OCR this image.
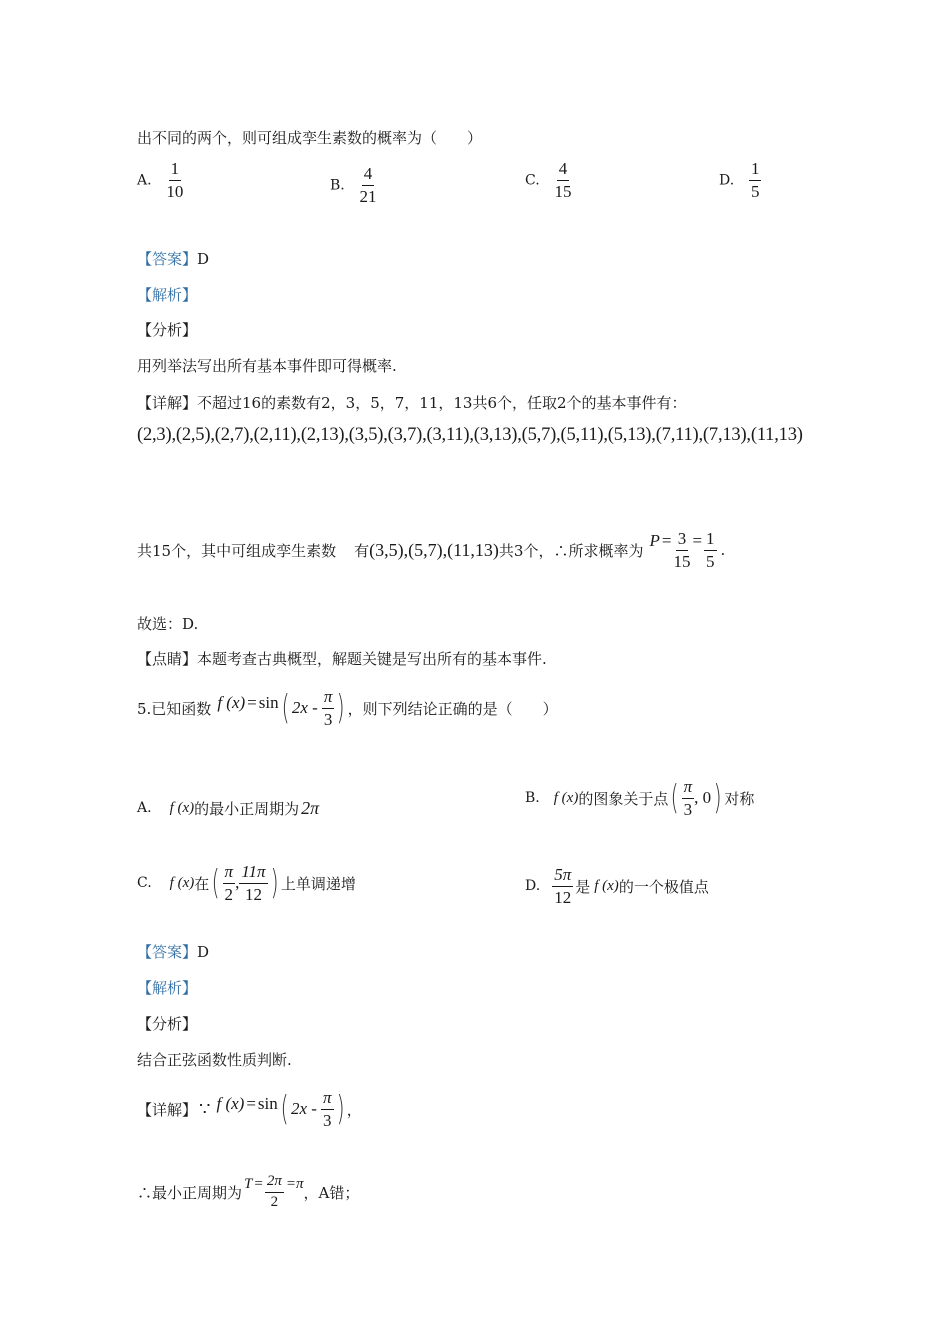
出不同的两个，则可组成孪生素数的概率为（　　）
A. $\frac{1}{10}$	B. $\frac{4}{21}$	C. $\frac{4}{15}$	D. $\frac{1}{5}$
【答案】D
【解析】
【分析】
用列举法写出所有基本事件即可得概率.
【详解】不超过16的素数有2，3，5，7，11，13共6个，任取2个的基本事件有：
(2,3),(2,5),(2,7),(2,11),(2,13),(3,5),(3,7),(3,11),(3,13),(5,7),(5,11),(5,13),(7,11),(7,13),(11,13)
共15个，其中可组成孪生素数 有 (3,5),(5,7),(11,13) 共3个，∴所求概率为
$P = \frac{3}{15} = \frac{1}{5}$ .
故选：D.
【点睛】本题考查古典概型，解题关键是写出所有的基本事件.
5.已知函数 f (x) = sin ( $2x - \frac{\pi}{3}$ ) ，则下列结论正确的是（　　）
A. f (x) 的最小正周期为 2π	B. f (x) 的图象关于点 ( $\frac{\pi}{3}$ , 0 ) 对称
C. f (x) 在 ( $\frac{\pi}{2}$ , $\frac{11\pi}{12}$ ) 上单调递增	D. $\frac{5\pi}{12}$ 是 f (x) 的一个极值点
【答案】D
【解析】
【分析】
结合正弦函数性质判断.
【详解】 ∵ f (x) = sin ( $2x - \frac{\pi}{3}$ ) ，
∴最小正周期为 $T = \frac{2\pi}{2} =\pi$ ，A错；
